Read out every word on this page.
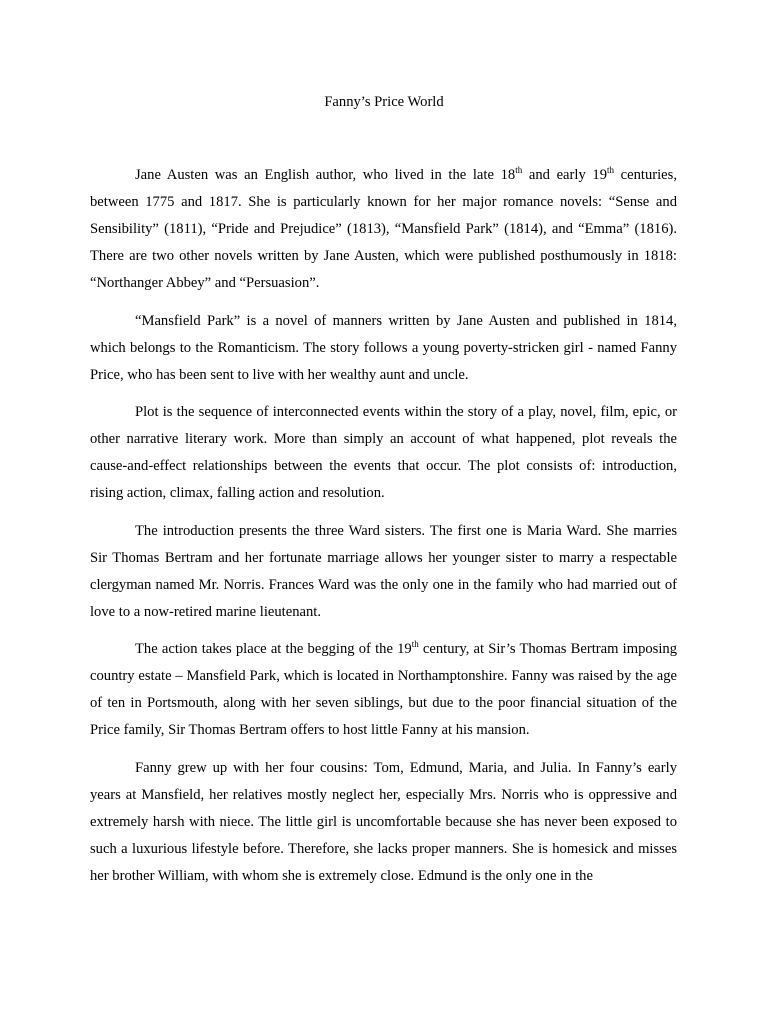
Fanny’s Price World

Jane Austen was an English author, who lived in the late 18th and early 19th centuries, between 1775 and 1817. She is particularly known for her major romance novels: “Sense and Sensibility” (1811), “Pride and Prejudice” (1813), “Mansfield Park” (1814), and “Emma” (1816). There are two other novels written by Jane Austen, which were published posthumously in 1818: “Northanger Abbey” and “Persuasion”.

“Mansfield Park” is a novel of manners written by Jane Austen and published in 1814, which belongs to the Romanticism. The story follows a young poverty-stricken girl - named Fanny Price, who has been sent to live with her wealthy aunt and uncle.

Plot is the sequence of interconnected events within the story of a play, novel, film, epic, or other narrative literary work. More than simply an account of what happened, plot reveals the cause-and-effect relationships between the events that occur. The plot consists of: introduction, rising action, climax, falling action and resolution.

The introduction presents the three Ward sisters. The first one is Maria Ward. She marries Sir Thomas Bertram and her fortunate marriage allows her younger sister to marry a respectable clergyman named Mr. Norris. Frances Ward was the only one in the family who had married out of love to a now-retired marine lieutenant.

The action takes place at the begging of the 19th century, at Sir’s Thomas Bertram imposing country estate – Mansfield Park, which is located in Northamptonshire. Fanny was raised by the age of ten in Portsmouth, along with her seven siblings, but due to the poor financial situation of the Price family, Sir Thomas Bertram offers to host little Fanny at his mansion.

Fanny grew up with her four cousins: Tom, Edmund, Maria, and Julia. In Fanny’s early years at Mansfield, her relatives mostly neglect her, especially Mrs. Norris who is oppressive and extremely harsh with niece. The little girl is uncomfortable because she has never been exposed to such a luxurious lifestyle before. Therefore, she lacks proper manners. She is homesick and misses her brother William, with whom she is extremely close. Edmund is the only one in the
